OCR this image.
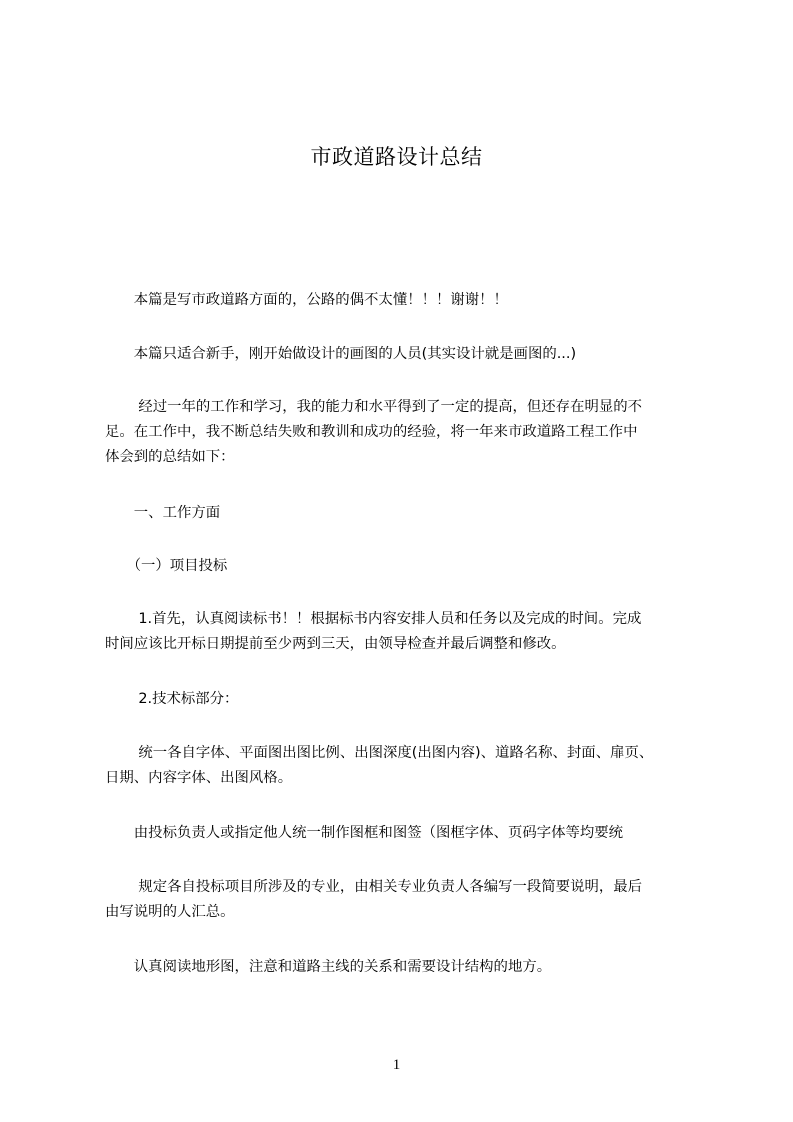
市政道路设计总结

　　本篇是写市政道路方面的，公路的偶不太懂！！！谢谢！！

　　本篇只适合新手，刚开始做设计的画图的人员(其实设计就是画图的...)

　　 经过一年的工作和学习，我的能力和水平得到了一定的提高，但还存在明显的不
足。在工作中，我不断总结失败和教训和成功的经验，将一年来市政道路工程工作中
体会到的总结如下：

　　一、工作方面

　　（一）项目投标

　　 1.首先，认真阅读标书！！根据标书内容安排人员和任务以及完成的时间。完成
时间应该比开标日期提前至少两到三天，由领导检查并最后调整和修改。

　　 2.技术标部分：

　　 统一各自字体、平面图出图比例、出图深度(出图内容)、道路名称、封面、扉页、
日期、内容字体、出图风格。

　　由投标负责人或指定他人统一制作图框和图签（图框字体、页码字体等均要统

　　 规定各自投标项目所涉及的专业，由相关专业负责人各编写一段简要说明，最后
由写说明的人汇总。

　　认真阅读地形图，注意和道路主线的关系和需要设计结构的地方。

1
